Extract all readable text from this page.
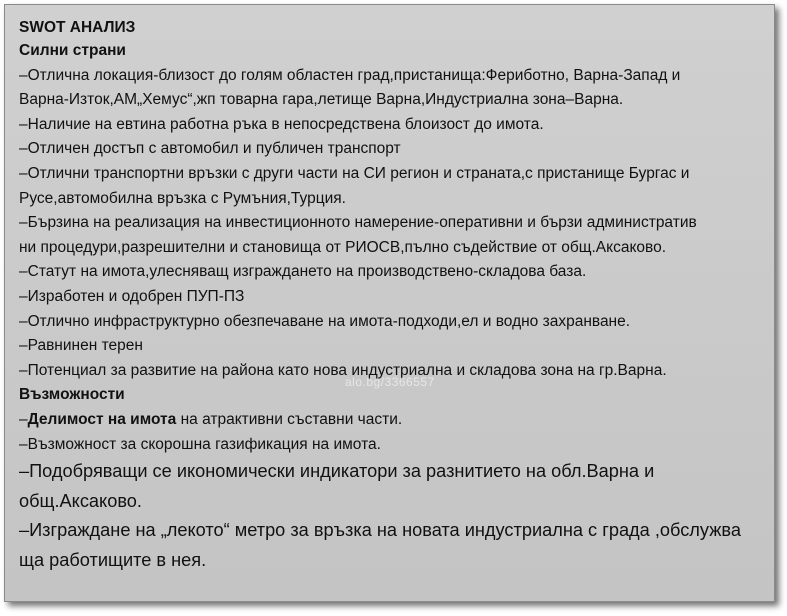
SWOT АНАЛИЗ
Силни страни
–Отлична локация-близост до голям областен град,пристанища:Фериботно, Варна-Запад и
Варна-Изток,АМ„Хемус“,жп товарна гара,летище Варна,Индустриална зона–Варна.
–Наличие на евтина работна ръка в непосредствена блоизост до имота.
–Отличен достъп с автомобил и публичен транспорт
–Отлични транспортни връзки с други части на СИ регион и страната,с пристанище Бургас и
Русе,автомобилна връзка с Румъния,Турция.
–Бързина на реализация на инвестиционното намерение-оперативни и бързи административ
ни процедури,разрешителни и становища от РИОСВ,пълно съдействие от общ.Аксаково.
–Статут на имота,улесняващ изграждането на производствено-складова база.
–Изработен и одобрен ПУП-ПЗ
–Отлично инфраструктурно обезпечаване на имота-подходи,ел и водно захранване.
–Равнинен терен
–Потенциал за развитие на района като нова индустриална и складова зона на гр.Варна.
Възможности
–Делимост на имота на атрактивни съставни части.
–Възможност за скорошна газификация на имота.
–Подобряващи се икономически индикатори за разнитието на обл.Варна и
общ.Аксаково.
–Изграждане на „лекото“ метро за връзка на новата индустриална с града ,обслужва
ща работищите в нея.
alo.bg/3366557
